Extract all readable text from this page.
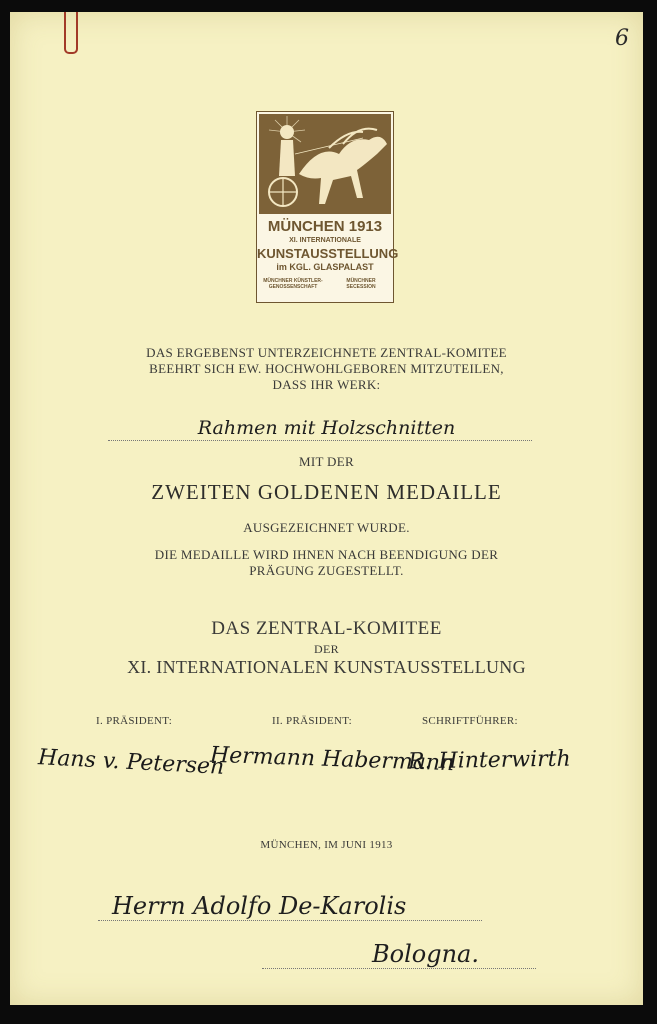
6
MÜNCHEN 1913
XI. INTERNATIONALE
KUNSTAUSSTELLUNG
im KGL. GLASPALAST
MÜNCHNER KÜNSTLER-GENOSSENSCHAFT
MÜNCHNER SECESSION
DAS ERGEBENST UNTERZEICHNETE ZENTRAL-KOMITEE
BEEHRT SICH EW. HOCHWOHLGEBOREN MITZUTEILEN,
DASS IHR WERK:
Rahmen mit Holzschnitten
MIT DER
ZWEITEN GOLDENEN MEDAILLE
AUSGEZEICHNET WURDE.
DIE MEDAILLE WIRD IHNEN NACH BEENDIGUNG DER
PRÄGUNG ZUGESTELLT.
DAS ZENTRAL-KOMITEE
DER
XI. INTERNATIONALEN KUNSTAUSSTELLUNG
I. PRÄSIDENT:	II. PRÄSIDENT:	SCHRIFTFÜHRER:
Hans v. Petersen
Hermann Habermann
R. Hinterwirth
MÜNCHEN, IM JUNI 1913
Herrn Adolfo De-Karolis
Bologna.
